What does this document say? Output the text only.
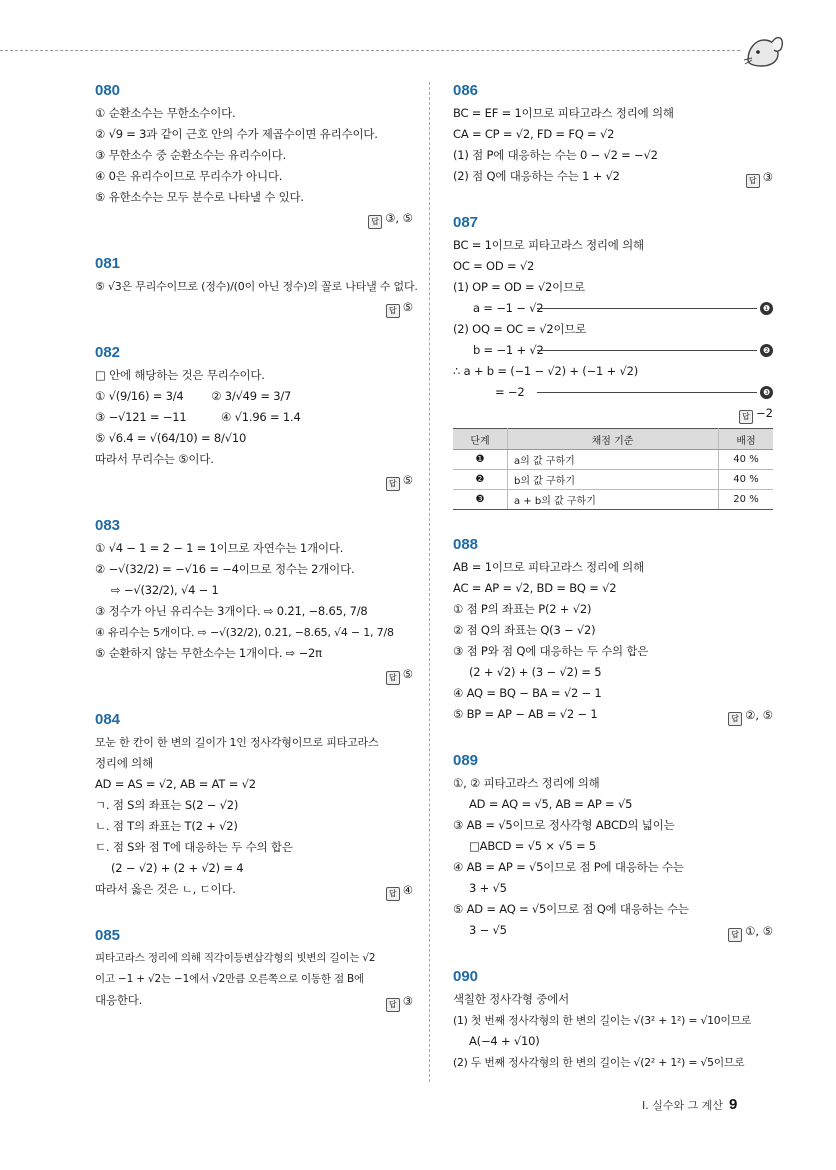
080
① 순환소수는 무한소수이다.
② √9 = 3과 같이 근호 안의 수가 제곱수이면 유리수이다.
③ 무한소수 중 순환소수는 유리수이다.
④ 0은 유리수이므로 무리수가 아니다.
⑤ 유한소수는 모두 분수로 나타낼 수 있다.
답 ③, ⑤
081
⑤ √3은 무리수이므로 (정수)/(0이 아닌 정수)의 꼴로 나타낼 수 없다.
답 ⑤
082
□ 안에 해당하는 것은 무리수이다.
① √(9/16) = 3/4        ② 3/√49 = 3/7
③ −√121 = −11          ④ √1.96 = 1.4
⑤ √6.4 = √(64/10) = 8/√10
따라서 무리수는 ⑤이다.
답 ⑤
083
① √4 − 1 = 2 − 1 = 1이므로 자연수는 1개이다.
② −√(32/2) = −√16 = −4이므로 정수는 2개이다.
⇨ −√(32/2), √4 − 1
③ 정수가 아닌 유리수는 3개이다. ⇨ 0.2̇1̇, −8.65, 7/8
④ 유리수는 5개이다. ⇨ −√(32/2), 0.2̇1̇, −8.65, √4 − 1, 7/8
⑤ 순환하지 않는 무한소수는 1개이다. ⇨ −2π
답 ⑤
084
모눈 한 칸이 한 변의 길이가 1인 정사각형이므로 피타고라스
정리에 의해
AD = AS = √2, AB = AT = √2
ㄱ. 점 S의 좌표는 S(2 − √2)
ㄴ. 점 T의 좌표는 T(2 + √2)
ㄷ. 점 S와 점 T에 대응하는 두 수의 합은
(2 − √2) + (2 + √2) = 4
따라서 옳은 것은 ㄴ, ㄷ이다.	답 ④
085
피타고라스 정리에 의해 직각이등변삼각형의 빗변의 길이는 √2
이고 −1 + √2는 −1에서 √2만큼 오른쪽으로 이동한 점 B에
대응한다.	답 ③
086
BC = EF = 1이므로 피타고라스 정리에 의해
CA = CP = √2, FD = FQ = √2
(1) 점 P에 대응하는 수는 0 − √2 = −√2
(2) 점 Q에 대응하는 수는 1 + √2	답 ③
087
BC = 1이므로 피타고라스 정리에 의해
OC = OD = √2
(1) OP = OD = √2이므로
a = −1 − √2	❶
(2) OQ = OC = √2이므로
b = −1 + √2	❷
∴ a + b = (−1 − √2) + (−1 + √2)
= −2	❸
답 −2
단계	채점 기준	배점
❶	a의 값 구하기	40 %
❷	b의 값 구하기	40 %
❸	a + b의 값 구하기	20 %
088
AB = 1이므로 피타고라스 정리에 의해
AC = AP = √2, BD = BQ = √2
① 점 P의 좌표는 P(2 + √2)
② 점 Q의 좌표는 Q(3 − √2)
③ 점 P와 점 Q에 대응하는 두 수의 합은
(2 + √2) + (3 − √2) = 5
④ AQ = BQ − BA = √2 − 1
⑤ BP = AP − AB = √2 − 1	답 ②, ⑤
089
①, ② 피타고라스 정리에 의해
AD = AQ = √5, AB = AP = √5
③ AB = √5이므로 정사각형 ABCD의 넓이는
□ABCD = √5 × √5 = 5
④ AB = AP = √5이므로 점 P에 대응하는 수는
3 + √5
⑤ AD = AQ = √5이므로 점 Q에 대응하는 수는
3 − √5	답 ①, ⑤
090
색칠한 정사각형 중에서
(1) 첫 번째 정사각형의 한 변의 길이는 √(3² + 1²) = √10이므로
A(−4 + √10)
(2) 두 번째 정사각형의 한 변의 길이는 √(2² + 1²) = √5이므로
Ⅰ. 실수와 그 계산 9
